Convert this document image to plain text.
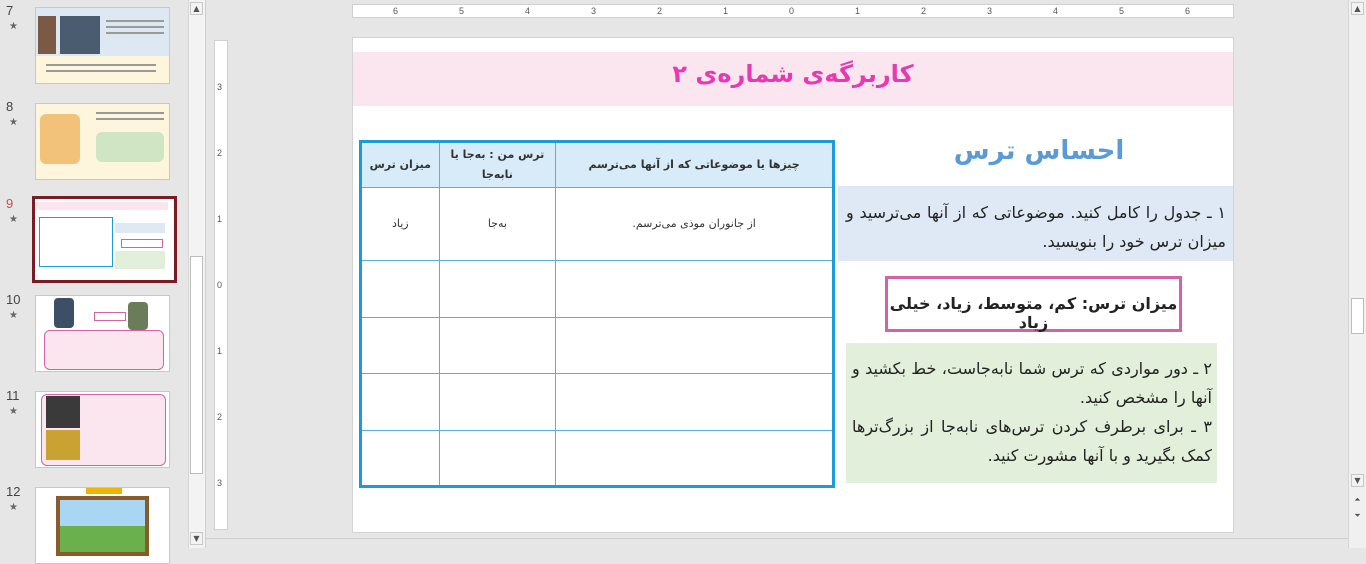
7
★
8
★
9
★
10
★
11
★
12
★
▲
▼
6	5	4	3	2	1	0	1	2	3	4	5	6
3
2
1
0
1
2
3
کاربرگه‌ی شماره‌ی ۲
احساس ترس
۱ ـ جدول را کامل کنید. موضوعاتی که از آنها می‌ترسید و میزان ترس خود را بنویسید.
میزان ترس: کم، متوسط، زیاد، خیلی زیاد
۲ ـ دور مواردی که ترس شما نابه‌جاست، خط بکشید و آنها را مشخص کنید.
۳ ـ برای برطرف کردن ترس‌های نابه‌جا از بزرگ‌ترها کمک بگیرید و با آنها مشورت کنید.
چیزها یا موضوعاتی که از آنها می‌ترسم	ترس من : به‌جا یا نابه‌جا	میزان ترس
از جانوران موذی می‌ترسم.	به‌جا	زیاد

▲
▼
⏶
⏷
